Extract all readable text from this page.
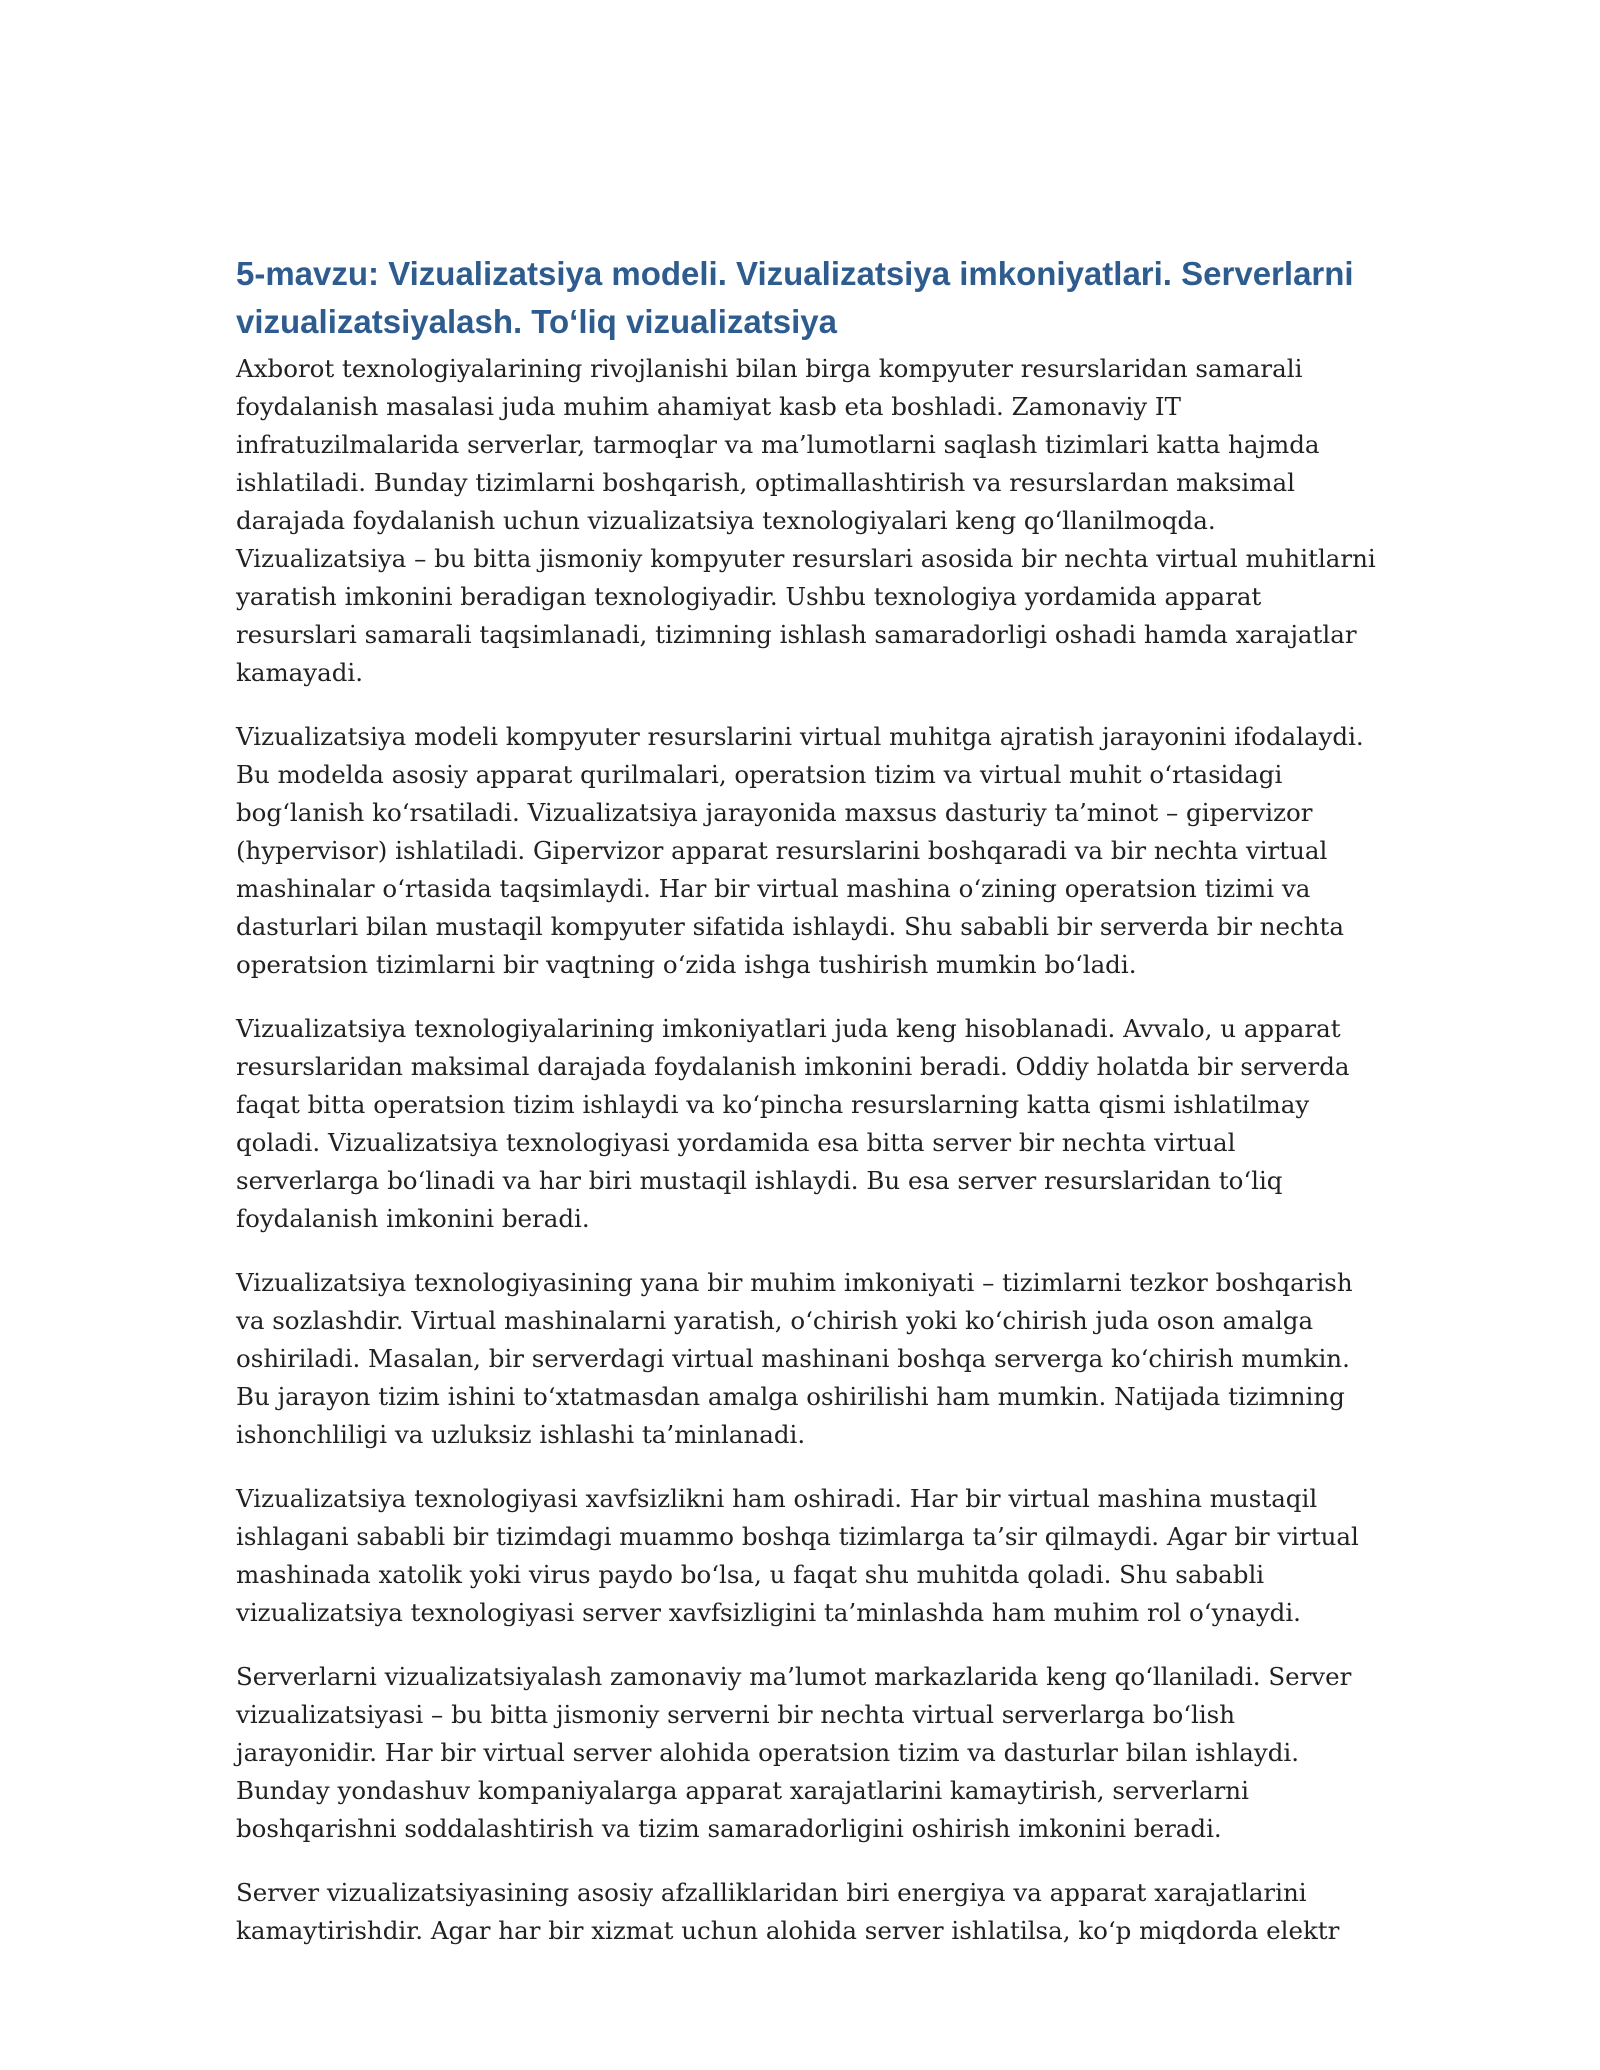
5-mavzu: Vizualizatsiya modeli. Vizualizatsiya imkoniyatlari. Serverlarni
vizualizatsiyalash. To‘liq vizualizatsiya

Axborot texnologiyalarining rivojlanishi bilan birga kompyuter resurslaridan samarali foydalanish masalasi juda muhim ahamiyat kasb eta boshladi. Zamonaviy IT infratuzilmalarida serverlar, tarmoqlar va ma’lumotlarni saqlash tizimlari katta hajmda ishlatiladi. Bunday tizimlarni boshqarish, optimallashtirish va resurslardan maksimal darajada foydalanish uchun vizualizatsiya texnologiyalari keng qo‘llanilmoqda. Vizualizatsiya – bu bitta jismoniy kompyuter resurslari asosida bir nechta virtual muhitlarni yaratish imkonini beradigan texnologiyadir. Ushbu texnologiya yordamida apparat resurslari samarali taqsimlanadi, tizimning ishlash samaradorligi oshadi hamda xarajatlar kamayadi.

Vizualizatsiya modeli kompyuter resurslarini virtual muhitga ajratish jarayonini ifodalaydi. Bu modelda asosiy apparat qurilmalari, operatsion tizim va virtual muhit o‘rtasidagi bog‘lanish ko‘rsatiladi. Vizualizatsiya jarayonida maxsus dasturiy ta’minot – gipervizor (hypervisor) ishlatiladi. Gipervizor apparat resurslarini boshqaradi va bir nechta virtual mashinalar o‘rtasida taqsimlaydi. Har bir virtual mashina o‘zining operatsion tizimi va dasturlari bilan mustaqil kompyuter sifatida ishlaydi. Shu sababli bir serverda bir nechta operatsion tizimlarni bir vaqtning o‘zida ishga tushirish mumkin bo‘ladi.

Vizualizatsiya texnologiyalarining imkoniyatlari juda keng hisoblanadi. Avvalo, u apparat resurslaridan maksimal darajada foydalanish imkonini beradi. Oddiy holatda bir serverda faqat bitta operatsion tizim ishlaydi va ko‘pincha resurslarning katta qismi ishlatilmay qoladi. Vizualizatsiya texnologiyasi yordamida esa bitta server bir nechta virtual serverlarga bo‘linadi va har biri mustaqil ishlaydi. Bu esa server resurslaridan to‘liq foydalanish imkonini beradi.

Vizualizatsiya texnologiyasining yana bir muhim imkoniyati – tizimlarni tezkor boshqarish va sozlashdir. Virtual mashinalarni yaratish, o‘chirish yoki ko‘chirish juda oson amalga oshiriladi. Masalan, bir serverdagi virtual mashinani boshqa serverga ko‘chirish mumkin. Bu jarayon tizim ishini to‘xtatmasdan amalga oshirilishi ham mumkin. Natijada tizimning ishonchliligi va uzluksiz ishlashi ta’minlanadi.

Vizualizatsiya texnologiyasi xavfsizlikni ham oshiradi. Har bir virtual mashina mustaqil ishlagani sababli bir tizimdagi muammo boshqa tizimlarga ta’sir qilmaydi. Agar bir virtual mashinada xatolik yoki virus paydo bo‘lsa, u faqat shu muhitda qoladi. Shu sababli vizualizatsiya texnologiyasi server xavfsizligini ta’minlashda ham muhim rol o‘ynaydi.

Serverlarni vizualizatsiyalash zamonaviy ma’lumot markazlarida keng qo‘llaniladi. Server vizualizatsiyasi – bu bitta jismoniy serverni bir nechta virtual serverlarga bo‘lish jarayonidir. Har bir virtual server alohida operatsion tizim va dasturlar bilan ishlaydi. Bunday yondashuv kompaniyalarga apparat xarajatlarini kamaytirish, serverlarni boshqarishni soddalashtirish va tizim samaradorligini oshirish imkonini beradi.

Server vizualizatsiyasining asosiy afzalliklaridan biri energiya va apparat xarajatlarini kamaytirishdir. Agar har bir xizmat uchun alohida server ishlatilsa, ko‘p miqdorda elektr
